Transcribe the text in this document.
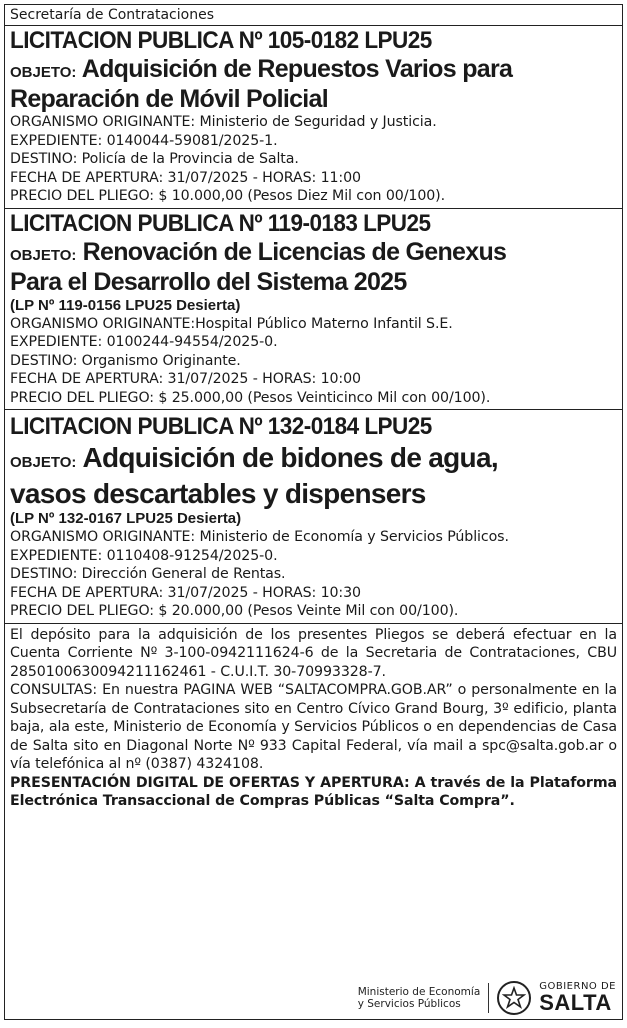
Secretaría de Contrataciones
LICITACION PUBLICA Nº 105-0182 LPU25
OBJETO: Adquisición de Repuestos Varios para
Reparación de Móvil Policial
ORGANISMO ORIGINANTE: Ministerio de Seguridad y Justicia.
EXPEDIENTE: 0140044-59081/2025-1.
DESTINO: Policía de la Provincia de Salta.
FECHA DE APERTURA: 31/07/2025 - HORAS: 11:00
PRECIO DEL PLIEGO: $ 10.000,00 (Pesos Diez Mil con 00/100).
LICITACION PUBLICA Nº 119-0183 LPU25
OBJETO: Renovación de Licencias de Genexus
Para el Desarrollo del Sistema 2025
(LP Nº 119-0156 LPU25 Desierta)
ORGANISMO ORIGINANTE:Hospital Público Materno Infantil S.E.
EXPEDIENTE: 0100244-94554/2025-0.
DESTINO: Organismo Originante.
FECHA DE APERTURA: 31/07/2025 - HORAS: 10:00
PRECIO DEL PLIEGO: $ 25.000,00 (Pesos Veinticinco Mil con 00/100).
LICITACION PUBLICA Nº 132-0184 LPU25
OBJETO: Adquisición de bidones de agua,
vasos descartables y dispensers
(LP Nº 132-0167 LPU25 Desierta)
ORGANISMO ORIGINANTE: Ministerio de Economía y Servicios Públicos.
EXPEDIENTE: 0110408-91254/2025-0.
DESTINO: Dirección General de Rentas.
FECHA DE APERTURA: 31/07/2025 - HORAS: 10:30
PRECIO DEL PLIEGO: $ 20.000,00 (Pesos Veinte Mil con 00/100).
El depósito para la adquisición de los presentes Pliegos se deberá efectuar en la Cuenta Corriente Nº 3-100-0942111624-6 de la Secretaria de Contrataciones, CBU 2850100630094211162461 - C.U.I.T. 30-70993328-7.
CONSULTAS: En nuestra PAGINA WEB “SALTACOMPRA.GOB.AR” o personalmente en la Subsecretaría de Contrataciones sito en Centro Cívico Grand Bourg, 3º edificio, planta baja, ala este, Ministerio de Economía y Servicios Públicos o en dependencias de Casa de Salta sito en Diagonal Norte Nº 933 Capital Federal, vía mail a spc@salta.gob.ar o vía telefónica al nº (0387) 4324108.
PRESENTACIÓN DIGITAL DE OFERTAS Y APERTURA: A través de la Plataforma Electrónica Transaccional de Compras Públicas “Salta Compra”.
Ministerio de Economía
y Servicios Públicos
GOBIERNO DE
SALTA
